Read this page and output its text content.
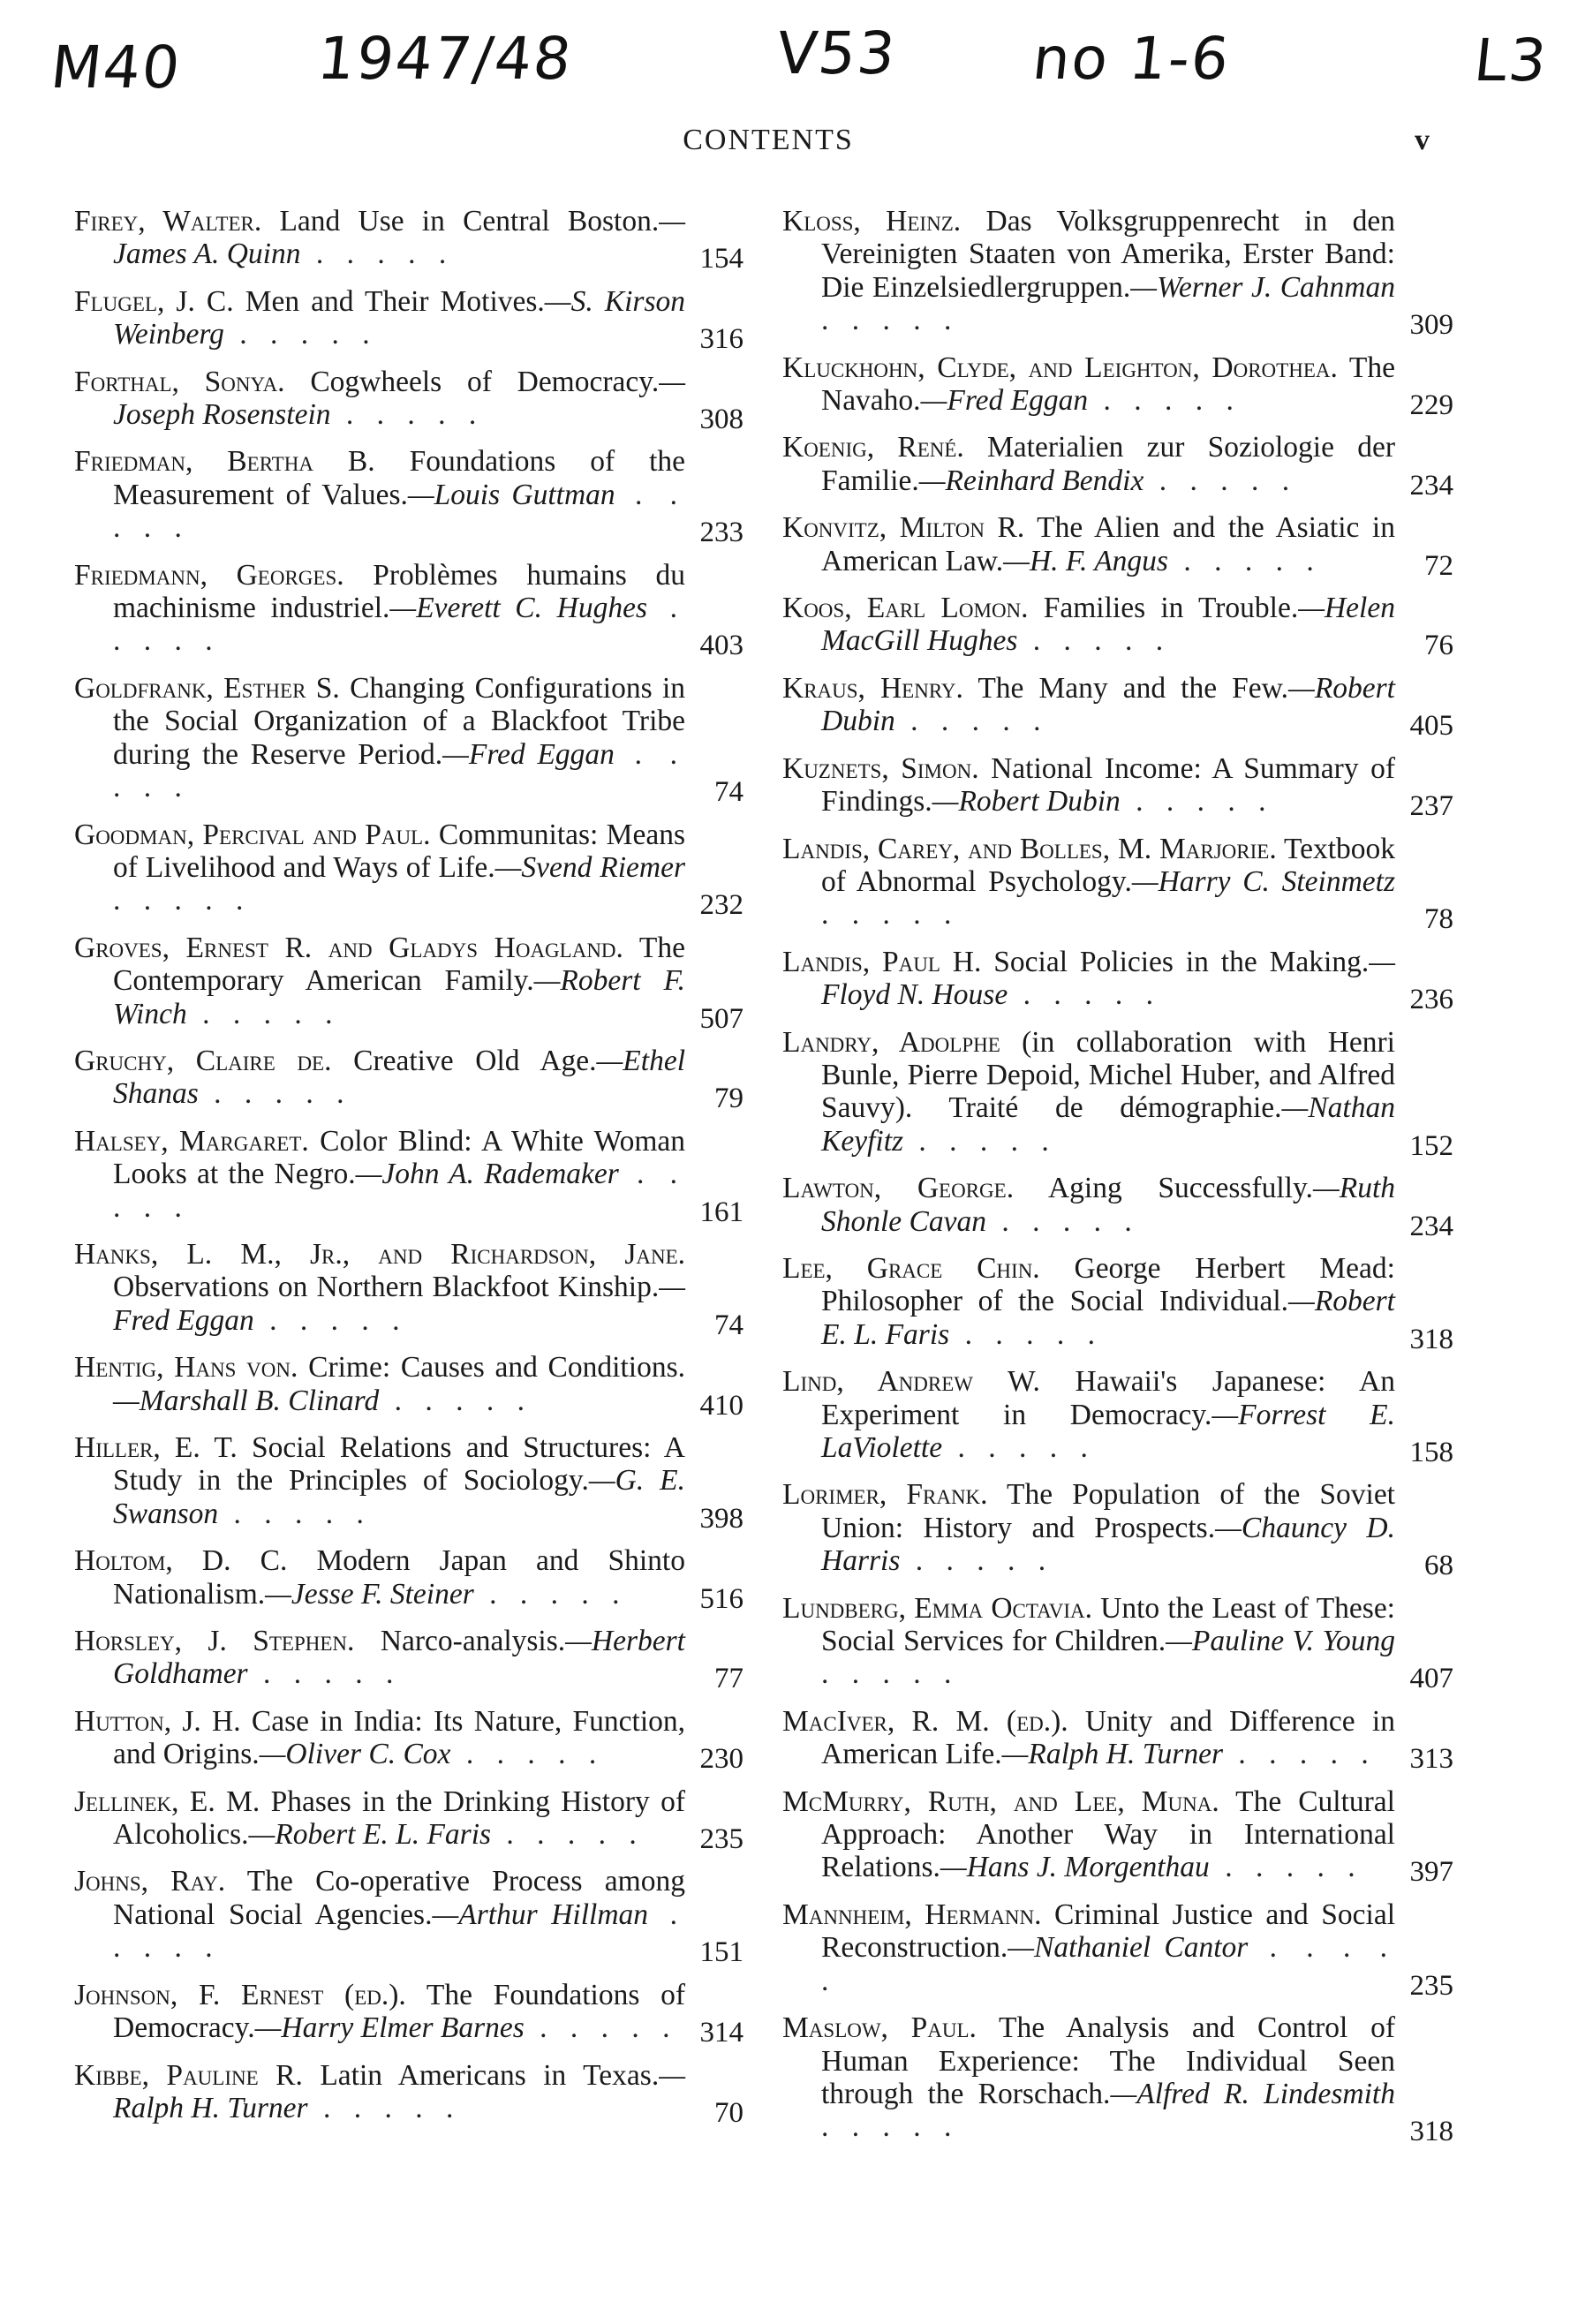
M40 1947/48	V53 no 1-6	L3
CONTENTS	v
Firey, Walter. Land Use in Central Boston.—James A. Quinn . . . . .	154
Flugel, J. C. Men and Their Motives.—S. Kirson Weinberg . . . . .	316
Forthal, Sonya. Cogwheels of Democracy.—Joseph Rosenstein . . . . .	308
Friedman, Bertha B. Foundations of the Measurement of Values.—Louis Guttman . . . . .	233
Friedmann, Georges. Problèmes humains du machinisme industriel.—Everett C. Hughes . . . . .	403
Goldfrank, Esther S. Changing Configurations in the Social Organization of a Blackfoot Tribe during the Reserve Period.—Fred Eggan . . . . .	74
Goodman, Percival and Paul. Communitas: Means of Livelihood and Ways of Life.—Svend Riemer . . . . .	232
Groves, Ernest R. and Gladys Hoagland. The Contemporary American Family.—Robert F. Winch . . . . .	507
Gruchy, Claire de. Creative Old Age.—Ethel Shanas . . . . .	79
Halsey, Margaret. Color Blind: A White Woman Looks at the Negro.—John A. Rademaker . . . . .	161
Hanks, L. M., Jr., and Richardson, Jane. Observations on Northern Blackfoot Kinship.—Fred Eggan . . . . .	74
Hentig, Hans von. Crime: Causes and Conditions.—Marshall B. Clinard . . . . .	410
Hiller, E. T. Social Relations and Structures: A Study in the Principles of Sociology.—G. E. Swanson . . . . .	398
Holtom, D. C. Modern Japan and Shinto Nationalism.—Jesse F. Steiner . . . . .	516
Horsley, J. Stephen. Narco-analysis.—Herbert Goldhamer . . . . .	77
Hutton, J. H. Case in India: Its Nature, Function, and Origins.—Oliver C. Cox . . . . .	230
Jellinek, E. M. Phases in the Drinking History of Alcoholics.—Robert E. L. Faris . . . . .	235
Johns, Ray. The Co-operative Process among National Social Agencies.—Arthur Hillman . . . . .	151
Johnson, F. Ernest (ed.). The Foundations of Democracy.—Harry Elmer Barnes . . . . . 314
Kibbe, Pauline R. Latin Americans in Texas.—Ralph H. Turner . . . . .	70
Kloss, Heinz. Das Volksgruppenrecht in den Vereinigten Staaten von Amerika, Erster Band: Die Einzelsiedlergruppen.—Werner J. Cahnman . . . . .	309
Kluckhohn, Clyde, and Leighton, Dorothea. The Navaho.—Fred Eggan . . . . .	229
Koenig, René. Materialien zur Soziologie der Familie.—Reinhard Bendix . . . . .	234
Konvitz, Milton R. The Alien and the Asiatic in American Law.—H. F. Angus . . . . .	72
Koos, Earl Lomon. Families in Trouble.—Helen MacGill Hughes . . . . .	76
Kraus, Henry. The Many and the Few.—Robert Dubin . . . . .	405
Kuznets, Simon. National Income: A Summary of Findings.—Robert Dubin . . . . .	237
Landis, Carey, and Bolles, M. Marjorie. Textbook of Abnormal Psychology.—Harry C. Steinmetz . . . . .	78
Landis, Paul H. Social Policies in the Making.—Floyd N. House . . . . .	236
Landry, Adolphe (in collaboration with Henri Bunle, Pierre Depoid, Michel Huber, and Alfred Sauvy). Traité de démographie.—Nathan Keyfitz . . . . .	152
Lawton, George. Aging Successfully.—Ruth Shonle Cavan . . . . .	234
Lee, Grace Chin. George Herbert Mead: Philosopher of the Social Individual.—Robert E. L. Faris . . . . .	318
Lind, Andrew W. Hawaii's Japanese: An Experiment in Democracy.—Forrest E. LaViolette . . . . .	158
Lorimer, Frank. The Population of the Soviet Union: History and Prospects.—Chauncy D. Harris . . . . .	68
Lundberg, Emma Octavia. Unto the Least of These: Social Services for Children.—Pauline V. Young . . . . .	407
MacIver, R. M. (ed.). Unity and Difference in American Life.—Ralph H. Turner . . . . .	313
McMurry, Ruth, and Lee, Muna. The Cultural Approach: Another Way in International Relations.—Hans J. Morgenthau . . . . .	397
Mannheim, Hermann. Criminal Justice and Social Reconstruction.—Nathaniel Cantor . . . . .	235
Maslow, Paul. The Analysis and Control of Human Experience: The Individual Seen through the Rorschach.—Alfred R. Lindesmith . . . . .	318
